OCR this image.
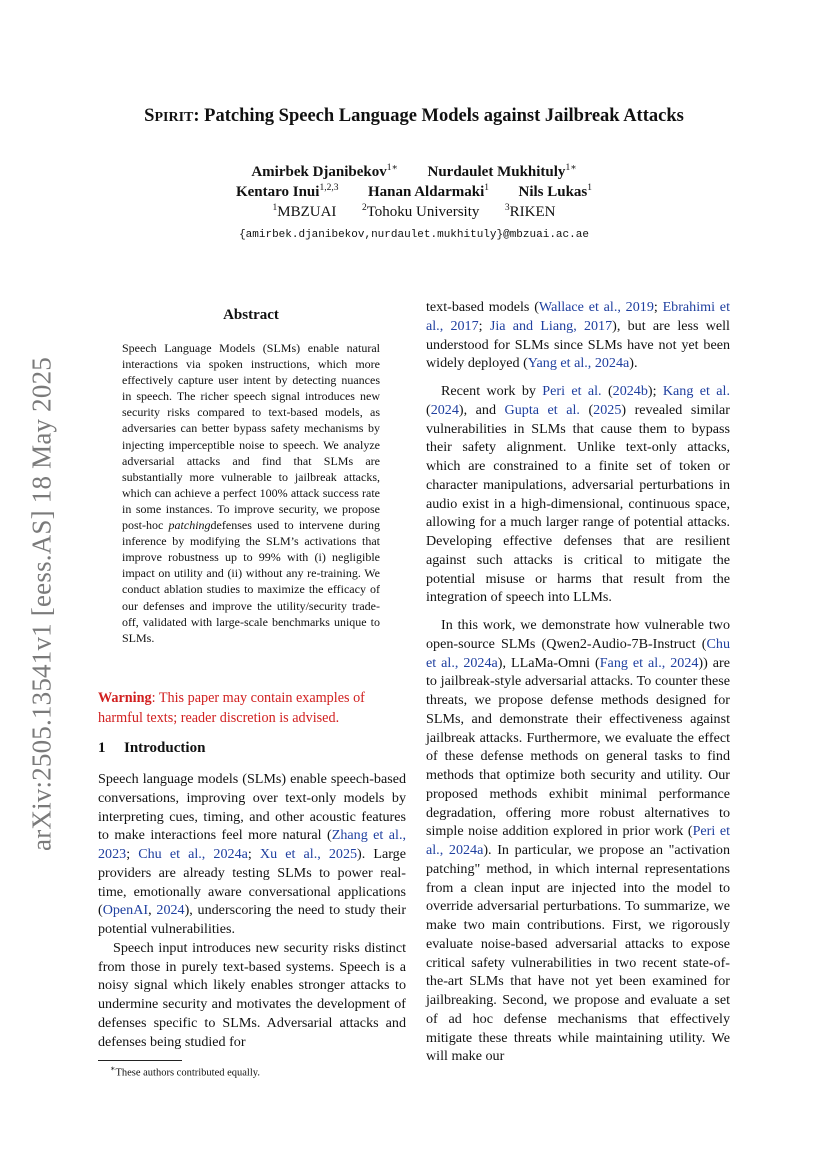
arXiv:2505.13541v1 [eess.AS] 18 May 2025
SPIRIT: Patching Speech Language Models against Jailbreak Attacks
Amirbek Djanibekov$^{1∗}$ Nurdaulet Mukhituly$^{1∗}$
Kentaro Inui$^{1,2,3}$ Hanan Aldarmaki$^1$ Nils Lukas$^1$
$^1$MBZUAI	$^2$Tohoku University	$^3$RIKEN
{amirbek.djanibekov,nurdaulet.mukhituly}@mbzuai.ac.ae
Abstract
Speech Language Models (SLMs) enable natural interactions via spoken instructions, which more effectively capture user intent by detecting nuances in speech. The richer speech signal introduces new security risks compared to text-based models, as adversaries can better bypass safety mechanisms by injecting imperceptible noise to speech. We analyze adversarial attacks and find that SLMs are substantially more vulnerable to jailbreak attacks, which can achieve a perfect 100% attack success rate in some instances. To improve security, we propose post-hoc patchingdefenses used to intervene during inference by modifying the SLM’s activations that improve robustness up to 99% with (i) negligible impact on utility and (ii) without any re-training. We conduct ablation studies to maximize the efficacy of our defenses and improve the utility/security trade-off, validated with large-scale benchmarks unique to SLMs.
Warning: This paper may contain examples of harmful texts; reader discretion is advised.
1 Introduction

Speech language models (SLMs) enable speech-based conversations, improving over text-only models by interpreting cues, timing, and other acoustic features to make interactions feel more natural (Zhang et al., 2023; Chu et al., 2024a; Xu et al., 2025). Large providers are already testing SLMs to power real-time, emotionally aware conversational applications (OpenAI, 2024), underscoring the need to study their potential vulnerabilities.

Speech input introduces new security risks distinct from those in purely text-based systems. Speech is a noisy signal which likely enables stronger attacks to undermine security and motivates the development of defenses specific to SLMs. Adversarial attacks and defenses being studied for

text-based models (Wallace et al., 2019; Ebrahimi et al., 2017; Jia and Liang, 2017), but are less well understood for SLMs since SLMs have not yet been widely deployed (Yang et al., 2024a).

Recent work by Peri et al. (2024b); Kang et al. (2024), and Gupta et al. (2025) revealed similar vulnerabilities in SLMs that cause them to bypass their safety alignment. Unlike text-only attacks, which are constrained to a finite set of token or character manipulations, adversarial perturbations in audio exist in a high-dimensional, continuous space, allowing for a much larger range of potential attacks. Developing effective defenses that are resilient against such attacks is critical to mitigate the potential misuse or harms that result from the integration of speech into LLMs.

In this work, we demonstrate how vulnerable two open-source SLMs (Qwen2-Audio-7B-Instruct (Chu et al., 2024a), LLaMa-Omni (Fang et al., 2024)) are to jailbreak-style adversarial attacks. To counter these threats, we propose defense methods designed for SLMs, and demonstrate their effectiveness against jailbreak attacks. Furthermore, we evaluate the effect of these defense methods on general tasks to find methods that optimize both security and utility. Our proposed methods exhibit minimal performance degradation, offering more robust alternatives to simple noise addition explored in prior work (Peri et al., 2024a). In particular, we propose an "activation patching" method, in which internal representations from a clean input are injected into the model to override adversarial perturbations. To summarize, we make two main contributions. First, we rigorously evaluate noise-based adversarial attacks to expose critical safety vulnerabilities in two recent state-of-the-art SLMs that have not yet been examined for jailbreaking. Second, we propose and evaluate a set of ad hoc defense mechanisms that effectively mitigate these threats while maintaining utility. We will make our

∗These authors contributed equally.
